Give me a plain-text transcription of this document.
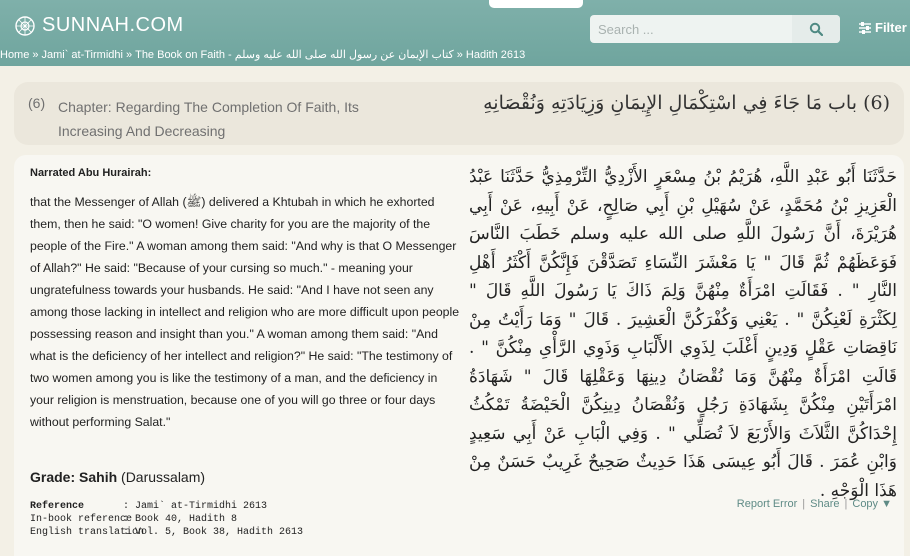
SUNNAH.COM
Search ...	Filter
Home » Jami` at-Tirmidhi » The Book on Faith - كتاب الإيمان عن رسول الله صلى الله عليه وسلم » Hadith 2613
(6) Chapter: Regarding The Completion Of Faith, Its Increasing And Decreasing
(6) باب مَا جَاءَ فِي اسْتِكْمَالِ الإِيمَانِ وَزِيَادَتِهِ وَنُقْصَانِهِ
Narrated Abu Hurairah:
that the Messenger of Allah (ﷺ) delivered a Khtubah in which he exhorted them, then he said: "O women! Give charity for you are the majority of the people of the Fire." A woman among them said: "And why is that O Messenger of Allah?" He said: "Because of your cursing so much." - meaning your ungratefulness towards your husbands. He said: "And I have not seen any among those lacking in intellect and religion who are more difficult upon people possessing reason and insight than you." A woman among them said: "And what is the deficiency of her intellect and religion?" He said: "The testimony of two women among you is like the testimony of a man, and the deficiency in your religion is menstruation, because one of you will go three or four days without performing Salat."
حَدَّثَنَا أَبُو عَبْدِ اللَّهِ، هُرَيْمُ بْنُ مِسْعَرٍ الأَزْدِيُّ التِّرْمِذِيُّ حَدَّثَنَا عَبْدُ الْعَزِيزِ بْنُ مُحَمَّدٍ، عَنْ سُهَيْلِ بْنِ أَبِي صَالِحٍ، عَنْ أَبِيهِ، عَنْ أَبِي هُرَيْرَةَ، أَنَّ رَسُولَ اللَّهِ صلى الله عليه وسلم خَطَبَ النَّاسَ فَوَعَظَهُمْ ثُمَّ قَالَ ‏"‏ يَا مَعْشَرَ النِّسَاءِ تَصَدَّقْنَ فَإِنَّكُنَّ أَكْثَرُ أَهْلِ النَّارِ ‏"‏ ‏.‏ فَقَالَتِ امْرَأَةٌ مِنْهُنَّ وَلِمَ ذَاكَ يَا رَسُولَ اللَّهِ قَالَ ‏"‏ لِكَثْرَةِ لَعْنِكُنَّ ‏"‏ ‏.‏ يَعْنِي وَكُفْرَكُنَّ الْعَشِيرَ ‏.‏ قَالَ ‏"‏ وَمَا رَأَيْتُ مِنْ نَاقِصَاتِ عَقْلٍ وَدِينٍ أَغْلَبَ لِذَوِي الأَلْبَابِ وَذَوِي الرَّأْىِ مِنْكُنَّ ‏"‏ ‏.‏ قَالَتِ امْرَأَةٌ مِنْهُنَّ وَمَا نُقْصَانُ دِينِهَا وَعَقْلِهَا قَالَ ‏"‏ شَهَادَةُ امْرَأَتَيْنِ مِنْكُنَّ بِشَهَادَةِ رَجُلٍ وَنُقْصَانُ دِينِكُنَّ الْحَيْضَةُ تَمْكُثُ إِحْدَاكُنَّ الثَّلاَثَ وَالأَرْبَعَ لاَ تُصَلِّي ‏"‏ ‏.‏ وَفِي الْبَابِ عَنْ أَبِي سَعِيدٍ وَابْنِ عُمَرَ ‏.‏ قَالَ أَبُو عِيسَى هَذَا حَدِيثٌ صَحِيحٌ غَرِيبٌ حَسَنٌ مِنْ هَذَا الْوَجْهِ ‏.‏
Grade: Sahih (Darussalam)
Reference	: Jami` at-Tirmidhi 2613
In-book reference
: Book 40, Hadith 8
English translation
: Vol. 5, Book 38, Hadith 2613
Report Error | Share | Copy ▼
